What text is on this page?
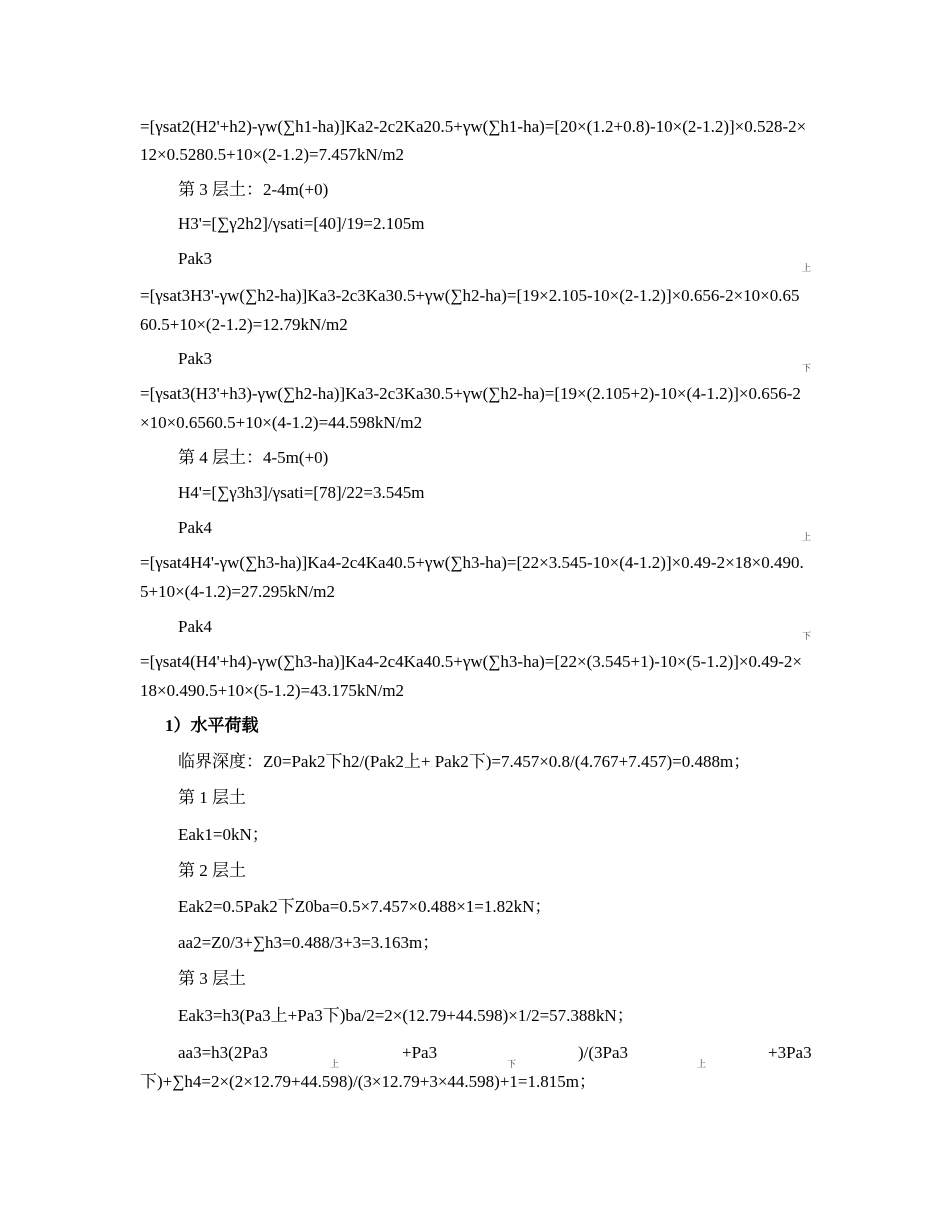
=[γsat2(H2'+h2)-γw(∑h1-ha)]Ka2-2c2Ka20.5+γw(∑h1-ha)=[20×(1.2+0.8)-10×(2-1.2)]×0.528-2×
12×0.5280.5+10×(2-1.2)=7.457kN/m2
第 3 层土：2-4m(+0)
H3'=[∑γ2h2]/γsati=[40]/19=2.105m
Pak3	上
=[γsat3H3'-γw(∑h2-ha)]Ka3-2c3Ka30.5+γw(∑h2-ha)=[19×2.105-10×(2-1.2)]×0.656-2×10×0.65
60.5+10×(2-1.2)=12.79kN/m2
Pak3	下
=[γsat3(H3'+h3)-γw(∑h2-ha)]Ka3-2c3Ka30.5+γw(∑h2-ha)=[19×(2.105+2)-10×(4-1.2)]×0.656-2
×10×0.6560.5+10×(4-1.2)=44.598kN/m2
第 4 层土：4-5m(+0)
H4'=[∑γ3h3]/γsati=[78]/22=3.545m
Pak4	上
=[γsat4H4'-γw(∑h3-ha)]Ka4-2c4Ka40.5+γw(∑h3-ha)=[22×3.545-10×(4-1.2)]×0.49-2×18×0.490.
5+10×(4-1.2)=27.295kN/m2
Pak4	下
=[γsat4(H4'+h4)-γw(∑h3-ha)]Ka4-2c4Ka40.5+γw(∑h3-ha)=[22×(3.545+1)-10×(5-1.2)]×0.49-2×
18×0.490.5+10×(5-1.2)=43.175kN/m2
1）水平荷载
临界深度：Z0=Pak2下h2/(Pak2上+ Pak2下)=7.457×0.8/(4.767+7.457)=0.488m；
第 1 层土
Eak1=0kN；
第 2 层土
Eak2=0.5Pak2下Z0ba=0.5×7.457×0.488×1=1.82kN；
aa2=Z0/3+∑h3=0.488/3+3=3.163m；
第 3 层土
Eak3=h3(Pa3上+Pa3下)ba/2=2×(12.79+44.598)×1/2=57.388kN；
aa3=h3(2Pa3
上
+Pa3
下
)/(3Pa3
上
+3Pa3
下)+∑h4=2×(2×12.79+44.598)/(3×12.79+3×44.598)+1=1.815m；
